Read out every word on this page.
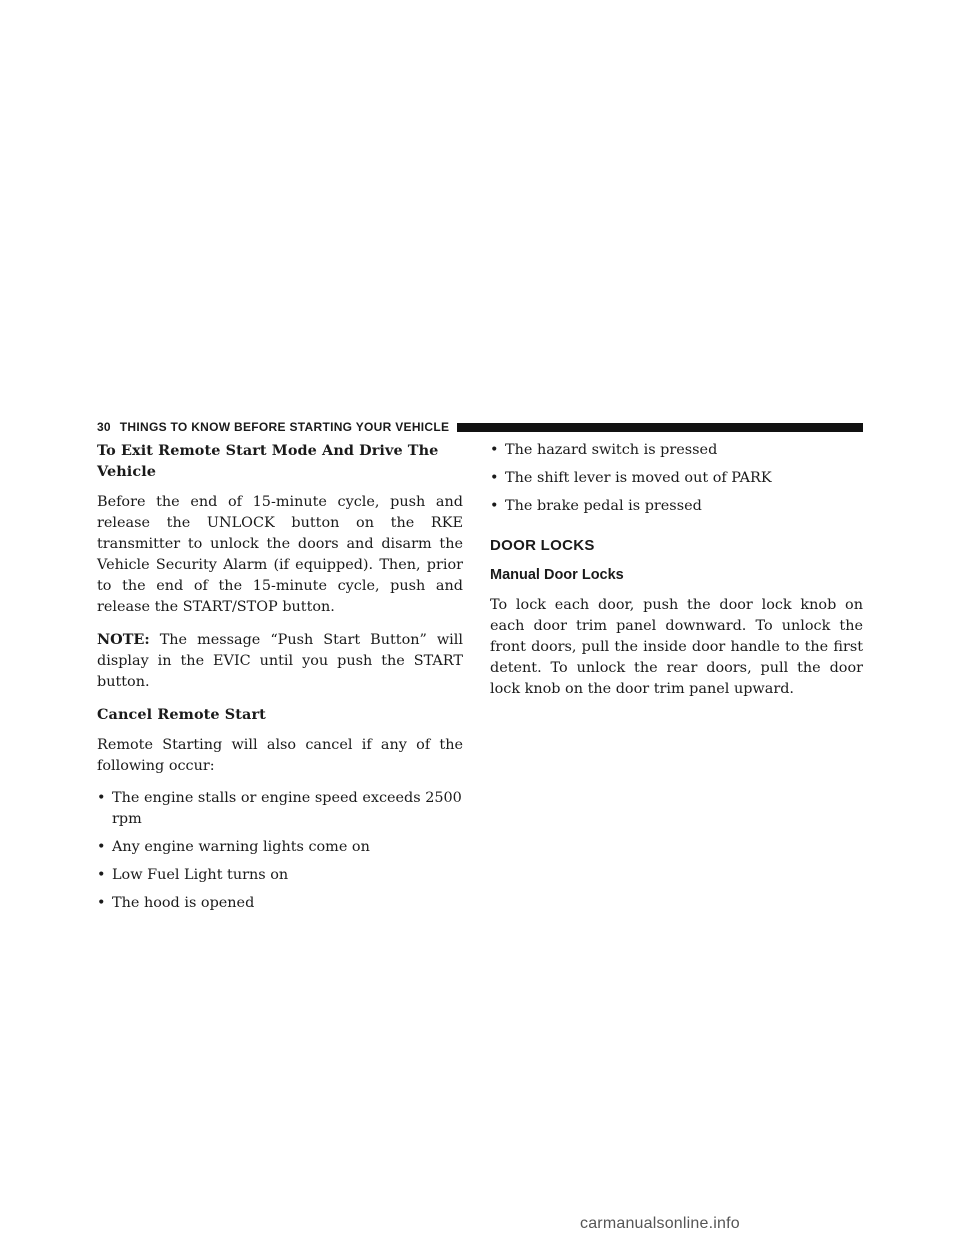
30 THINGS TO KNOW BEFORE STARTING YOUR VEHICLE
To Exit Remote Start Mode And Drive The Vehicle

Before the end of 15-minute cycle, push and release the UNLOCK button on the RKE transmitter to unlock the doors and disarm the Vehicle Security Alarm (if equipped). Then, prior to the end of the 15-minute cycle, push and release the START/STOP button.

NOTE: The message “Push Start Button” will display in the EVIC until you push the START button.

Cancel Remote Start

Remote Starting will also cancel if any of the following occur:

• The engine stalls or engine speed exceeds 2500 rpm
• Any engine warning lights come on
• Low Fuel Light turns on
• The hood is opened
• The hazard switch is pressed
• The shift lever is moved out of PARK
• The brake pedal is pressed
DOOR LOCKS
Manual Door Locks

To lock each door, push the door lock knob on each door trim panel downward. To unlock the front doors, pull the inside door handle to the first detent. To unlock the rear doors, pull the door lock knob on the door trim panel upward.

carmanualsonline.info
